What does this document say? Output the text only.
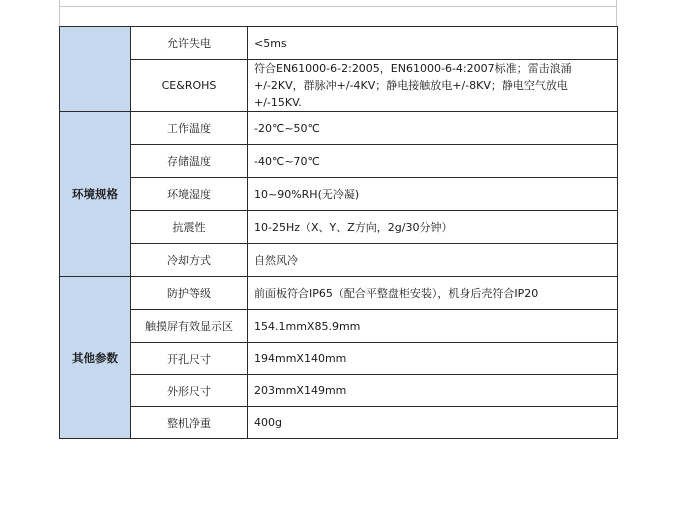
	允许失电	<5ms
	CE&ROHS	符合EN61000-6-2:2005，EN61000-6-4:2007标准；雷击浪涌+/-2KV，群脉冲+/-4KV；静电接触放电+/-8KV；静电空气放电+/-15KV.
环境规格	工作温度	-20℃~50℃
	存储温度	-40℃~70℃
	环境湿度	10~90%RH(无冷凝)
	抗震性	10-25Hz（X、Y、Z方向，2g/30分钟）
	冷却方式	自然风冷
其他参数	防护等级	前面板符合IP65（配合平整盘柜安装），机身后壳符合IP20
	触摸屏有效显示区	154.1mmX85.9mm
	开孔尺寸	194mmX140mm
	外形尺寸	203mmX149mm
	整机净重	400g
